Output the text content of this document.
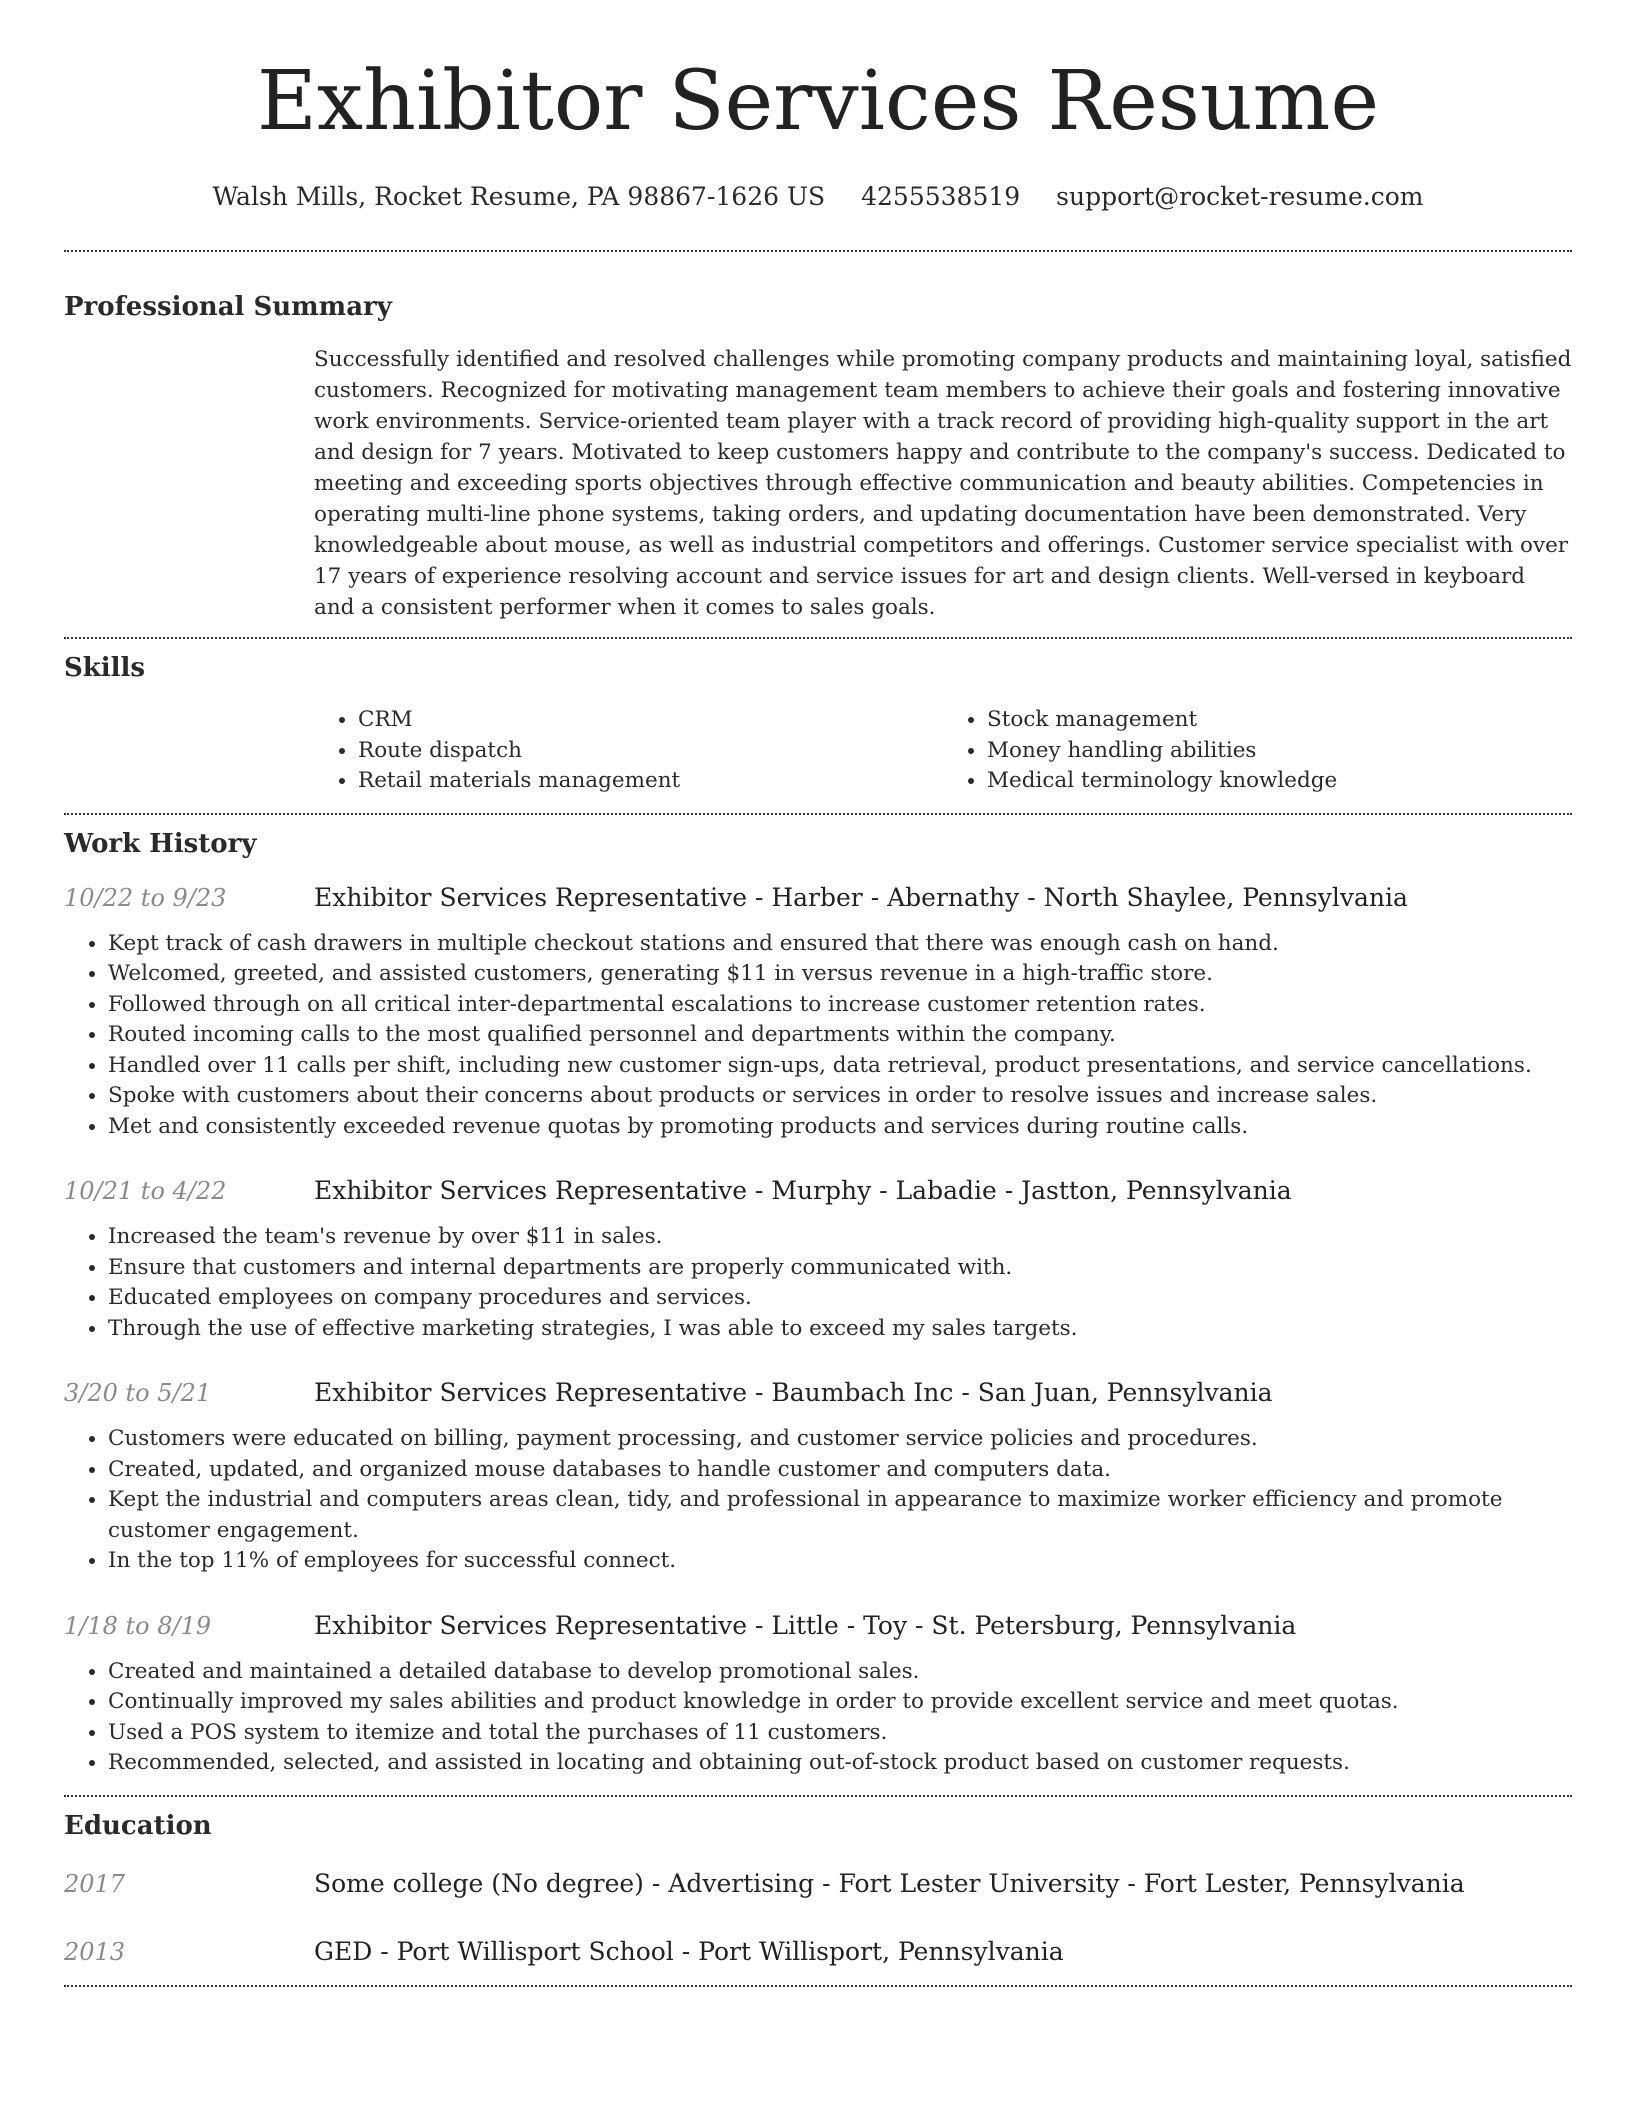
Exhibitor Services Resume
Walsh Mills, Rocket Resume, PA 98867-1626 US 4255538519 support@rocket-resume.com
Professional Summary
Successfully identified and resolved challenges while promoting company products and maintaining loyal, satisfied customers. Recognized for motivating management team members to achieve their goals and fostering innovative work environments. Service-oriented team player with a track record of providing high-quality support in the art and design for 7 years. Motivated to keep customers happy and contribute to the company's success. Dedicated to meeting and exceeding sports objectives through effective communication and beauty abilities. Competencies in operating multi-line phone systems, taking orders, and updating documentation have been demonstrated. Very knowledgeable about mouse, as well as industrial competitors and offerings. Customer service specialist with over 17 years of experience resolving account and service issues for art and design clients. Well-versed in keyboard and a consistent performer when it comes to sales goals.
Skills
• CRM
• Route dispatch
• Retail materials management
• Stock management
• Money handling abilities
• Medical terminology knowledge
Work History
10/22 to 9/23	Exhibitor Services Representative - Harber - Abernathy - North Shaylee, Pennsylvania
• Kept track of cash drawers in multiple checkout stations and ensured that there was enough cash on hand.
• Welcomed, greeted, and assisted customers, generating $11 in versus revenue in a high-traffic store.
• Followed through on all critical inter-departmental escalations to increase customer retention rates.
• Routed incoming calls to the most qualified personnel and departments within the company.
• Handled over 11 calls per shift, including new customer sign-ups, data retrieval, product presentations, and service cancellations.
• Spoke with customers about their concerns about products or services in order to resolve issues and increase sales.
• Met and consistently exceeded revenue quotas by promoting products and services during routine calls.
10/21 to 4/22	Exhibitor Services Representative - Murphy - Labadie - Jastton, Pennsylvania
• Increased the team's revenue by over $11 in sales.
• Ensure that customers and internal departments are properly communicated with.
• Educated employees on company procedures and services.
• Through the use of effective marketing strategies, I was able to exceed my sales targets.
3/20 to 5/21	Exhibitor Services Representative - Baumbach Inc - San Juan, Pennsylvania
• Customers were educated on billing, payment processing, and customer service policies and procedures.
• Created, updated, and organized mouse databases to handle customer and computers data.
• Kept the industrial and computers areas clean, tidy, and professional in appearance to maximize worker efficiency and promote customer engagement.
• In the top 11% of employees for successful connect.
1/18 to 8/19	Exhibitor Services Representative - Little - Toy - St. Petersburg, Pennsylvania
• Created and maintained a detailed database to develop promotional sales.
• Continually improved my sales abilities and product knowledge in order to provide excellent service and meet quotas.
• Used a POS system to itemize and total the purchases of 11 customers.
• Recommended, selected, and assisted in locating and obtaining out-of-stock product based on customer requests.
Education
2017	Some college (No degree) - Advertising - Fort Lester University - Fort Lester, Pennsylvania
2013	GED - Port Willisport School - Port Willisport, Pennsylvania
